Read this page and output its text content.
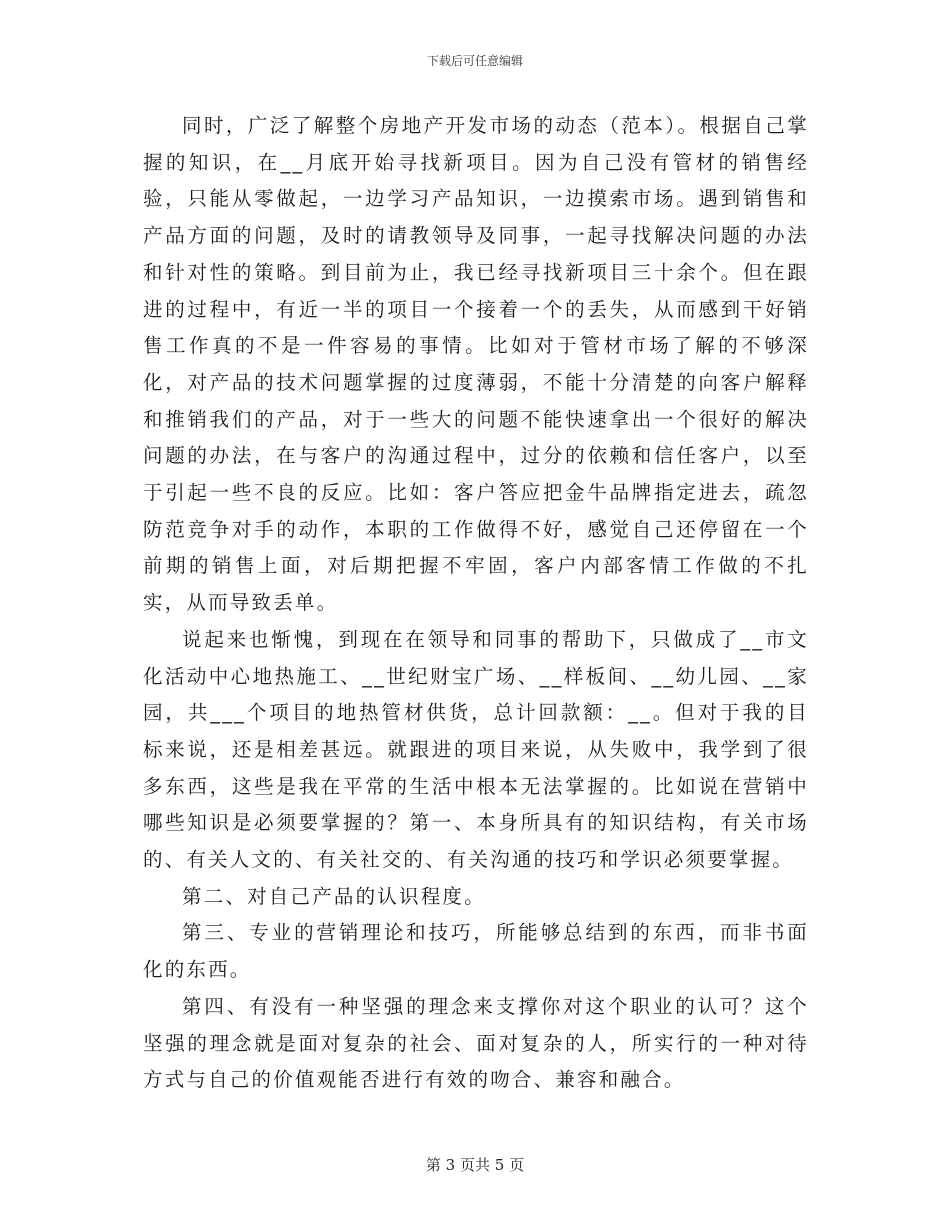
下载后可任意编辑

同时，广泛了解整个房地产开发市场的动态（范本）。根据自己掌握的知识，在__月底开始寻找新项目。因为自己没有管材的销售经验，只能从零做起，一边学习产品知识，一边摸索市场。遇到销售和产品方面的问题，及时的请教领导及同事，一起寻找解决问题的办法和针对性的策略。到目前为止，我已经寻找新项目三十余个。但在跟进的过程中，有近一半的项目一个接着一个的丢失，从而感到干好销售工作真的不是一件容易的事情。比如对于管材市场了解的不够深化，对产品的技术问题掌握的过度薄弱，不能十分清楚的向客户解释和推销我们的产品，对于一些大的问题不能快速拿出一个很好的解决问题的办法，在与客户的沟通过程中，过分的依赖和信任客户，以至于引起一些不良的反应。比如：客户答应把金牛品牌指定进去，疏忽防范竞争对手的动作，本职的工作做得不好，感觉自己还停留在一个前期的销售上面，对后期把握不牢固，客户内部客情工作做的不扎实，从而导致丢单。

说起来也惭愧，到现在在领导和同事的帮助下，只做成了__市文化活动中心地热施工、__世纪财宝广场、__样板间、__幼儿园、__家园，共___个项目的地热管材供货，总计回款额：__。但对于我的目标来说，还是相差甚远。就跟进的项目来说，从失败中，我学到了很多东西，这些是我在平常的生活中根本无法掌握的。比如说在营销中哪些知识是必须要掌握的？第一、本身所具有的知识结构，有关市场的、有关人文的、有关社交的、有关沟通的技巧和学识必须要掌握。

第二、对自己产品的认识程度。

第三、专业的营销理论和技巧，所能够总结到的东西，而非书面化的东西。

第四、有没有一种坚强的理念来支撑你对这个职业的认可？这个坚强的理念就是面对复杂的社会、面对复杂的人，所实行的一种对待方式与自己的价值观能否进行有效的吻合、兼容和融合。

第 3 页共 5 页
